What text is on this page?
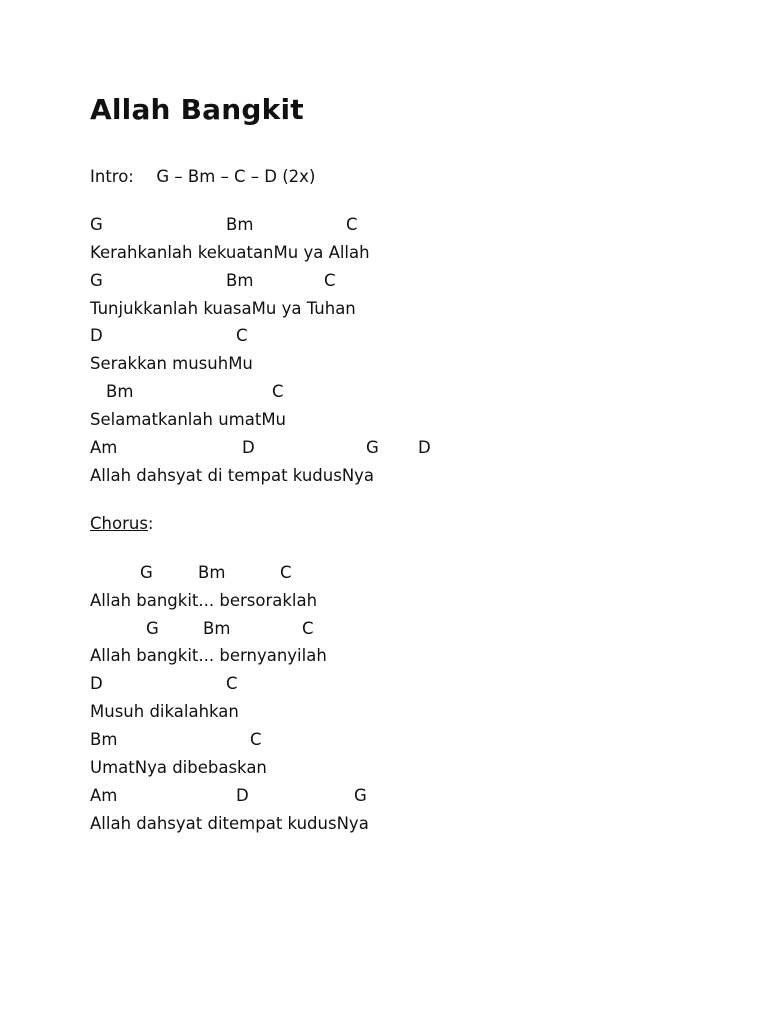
Allah Bangkit
Intro: G – Bm – C – D (2x)
G	Bm	C
Kerahkanlah kekuatanMu ya Allah
G	Bm	C
Tunjukkanlah kuasaMu ya Tuhan
D	C
Serakkan musuhMu
Bm	C
Selamatkanlah umatMu
Am	D	G D
Allah dahsyat di tempat kudusNya
Chorus:
G	Bm	C
Allah bangkit... bersoraklah
G	Bm	C
Allah bangkit... bernyanyilah
D	C
Musuh dikalahkan
Bm	C
UmatNya dibebaskan
Am	D	G
Allah dahsyat ditempat kudusNya
